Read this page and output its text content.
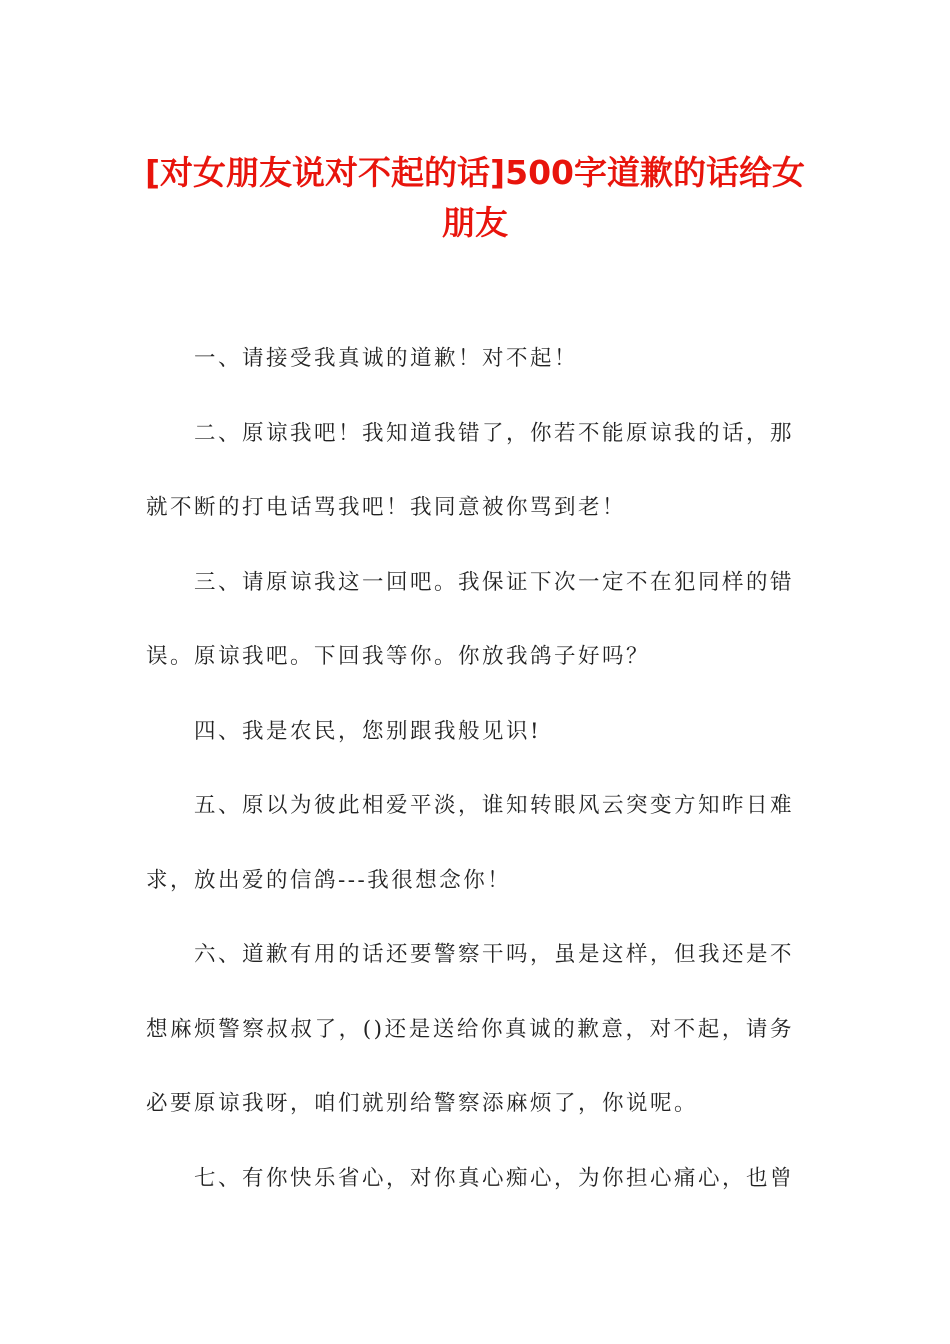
[对女朋友说对不起的话]500字道歉的话给女朋友

一、请接受我真诚的道歉！对不起！

二、原谅我吧！我知道我错了，你若不能原谅我的话，那就不断的打电话骂我吧！我同意被你骂到老！

三、请原谅我这一回吧。我保证下次一定不在犯同样的错误。原谅我吧。下回我等你。你放我鸽子好吗？

四、我是农民，您别跟我般见识!

五、原以为彼此相爱平淡，谁知转眼风云突变方知昨日难求，放出爱的信鸽---我很想念你！

六、道歉有用的话还要警察干吗，虽是这样，但我还是不想麻烦警察叔叔了，()还是送给你真诚的歉意，对不起，请务必要原谅我呀，咱们就别给警察添麻烦了，你说呢。

七、有你快乐省心，对你真心痴心，为你担心痛心，也曾
